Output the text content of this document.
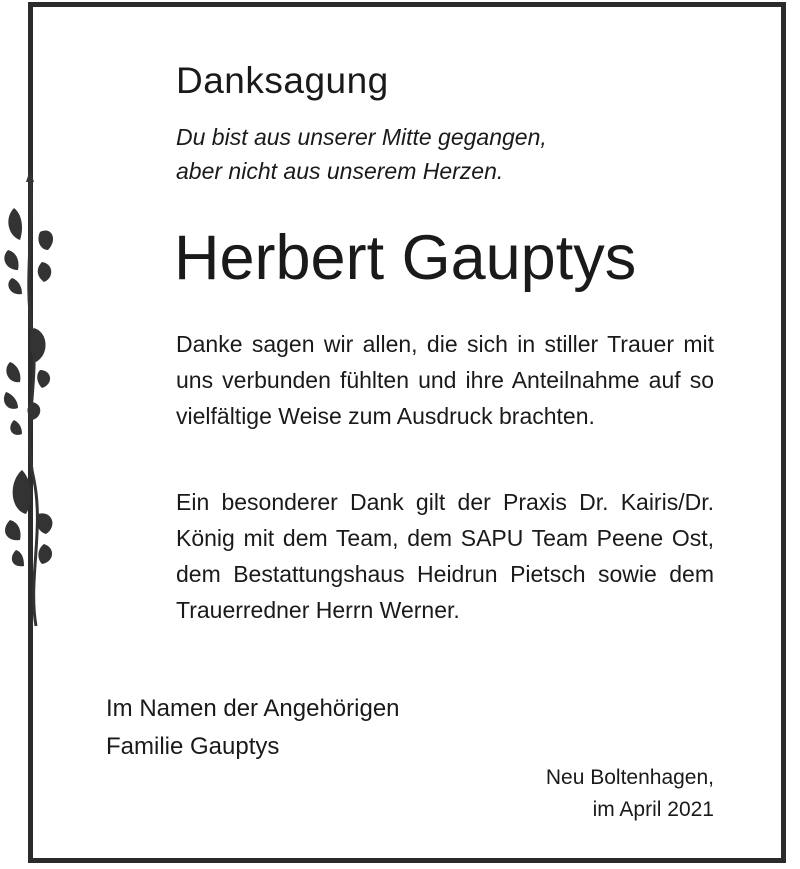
Danksagung

Du bist aus unserer Mitte gegangen,
aber nicht aus unserem Herzen.

Herbert Gauptys

Danke sagen wir allen, die sich in stiller Trauer mit uns verbunden fühlten und ihre Anteilnahme auf so vielfältige Weise zum Ausdruck brachten.

Ein besonderer Dank gilt der Praxis Dr. Kairis/Dr. König mit dem Team, dem SAPU Team Peene Ost, dem Bestattungshaus Heidrun Pietsch sowie dem Trauerredner Herrn Werner.

Im Namen der Angehörigen
Familie Gauptys

Neu Boltenhagen,
im April 2021
